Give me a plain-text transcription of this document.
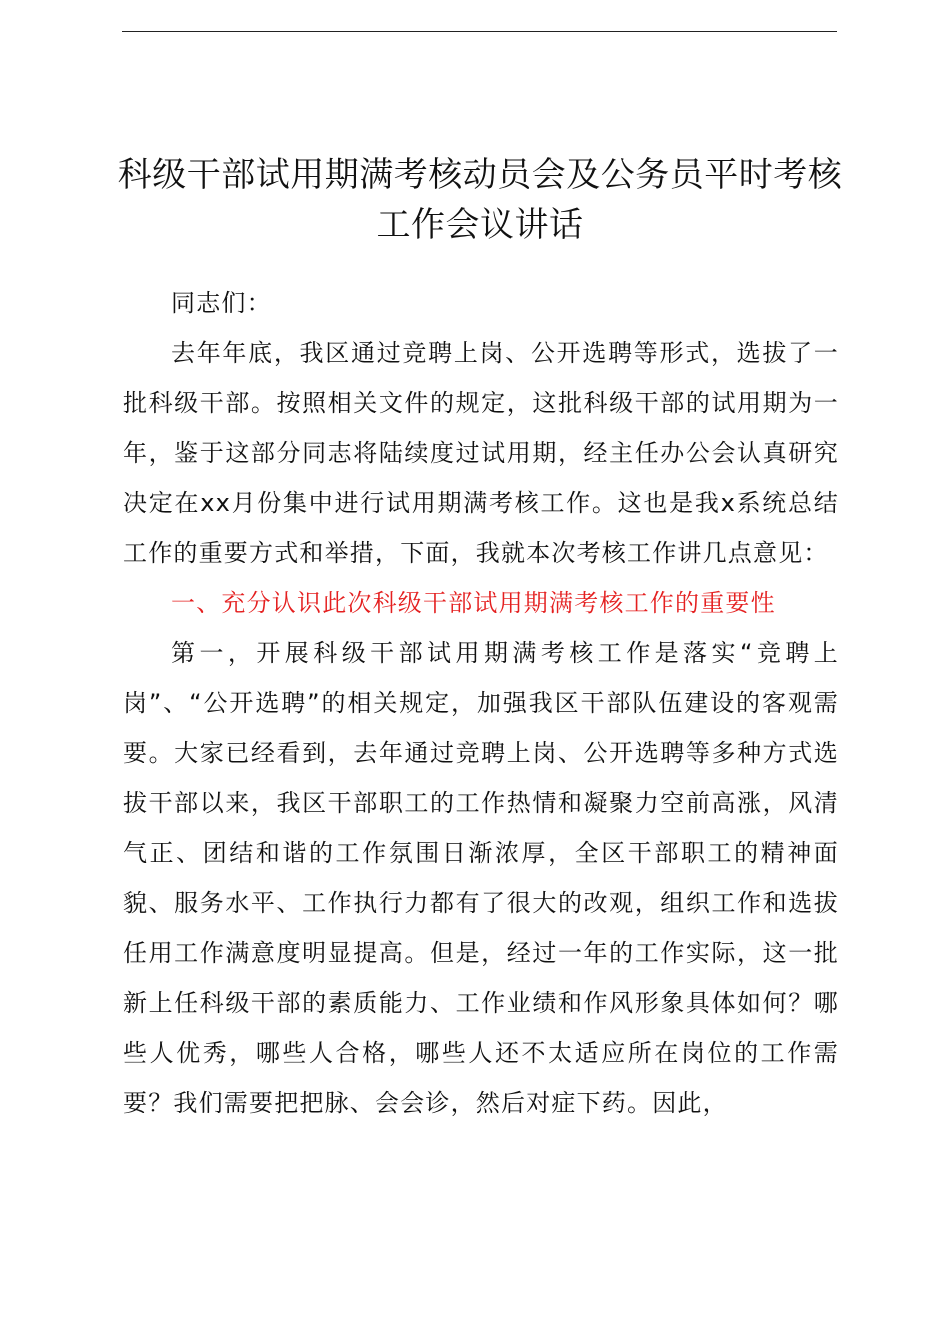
科级干部试用期满考核动员会及公务员平时考核工作会议讲话

同志们：

去年年底，我区通过竞聘上岗、公开选聘等形式，选拔了一批科级干部。按照相关文件的规定，这批科级干部的试用期为一年，鉴于这部分同志将陆续度过试用期，经主任办公会认真研究决定在xx月份集中进行试用期满考核工作。这也是我x系统总结工作的重要方式和举措，下面，我就本次考核工作讲几点意见：

一、充分认识此次科级干部试用期满考核工作的重要性

第一，开展科级干部试用期满考核工作是落实“竞聘上岗”、“公开选聘”的相关规定，加强我区干部队伍建设的客观需要。大家已经看到，去年通过竞聘上岗、公开选聘等多种方式选拔干部以来，我区干部职工的工作热情和凝聚力空前高涨，风清气正、团结和谐的工作氛围日渐浓厚，全区干部职工的精神面貌、服务水平、工作执行力都有了很大的改观，组织工作和选拔任用工作满意度明显提高。但是，经过一年的工作实际，这一批新上任科级干部的素质能力、工作业绩和作风形象具体如何？哪些人优秀，哪些人合格，哪些人还不太适应所在岗位的工作需要？我们需要把把脉、会会诊，然后对症下药。因此，
